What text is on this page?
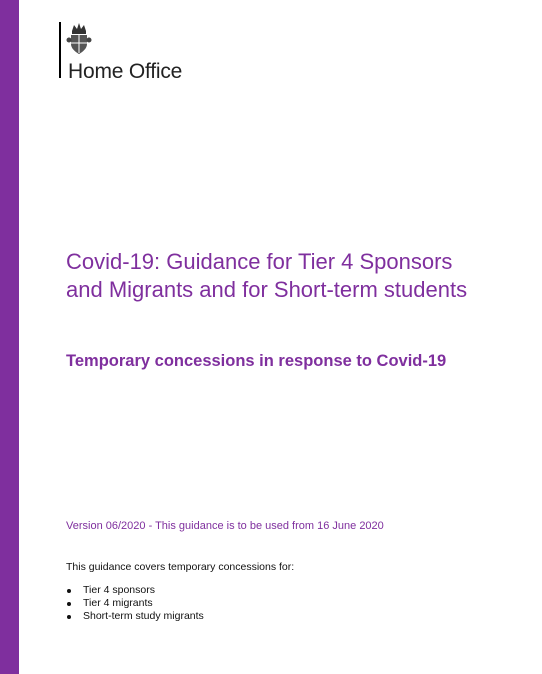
Home Office
Covid-19: Guidance for Tier 4 Sponsors and Migrants and for Short-term students
Temporary concessions in response to Covid-19
Version 06/2020 - This guidance is to be used from 16 June 2020
This guidance covers temporary concessions for:
Tier 4 sponsors
Tier 4 migrants
Short-term study migrants
